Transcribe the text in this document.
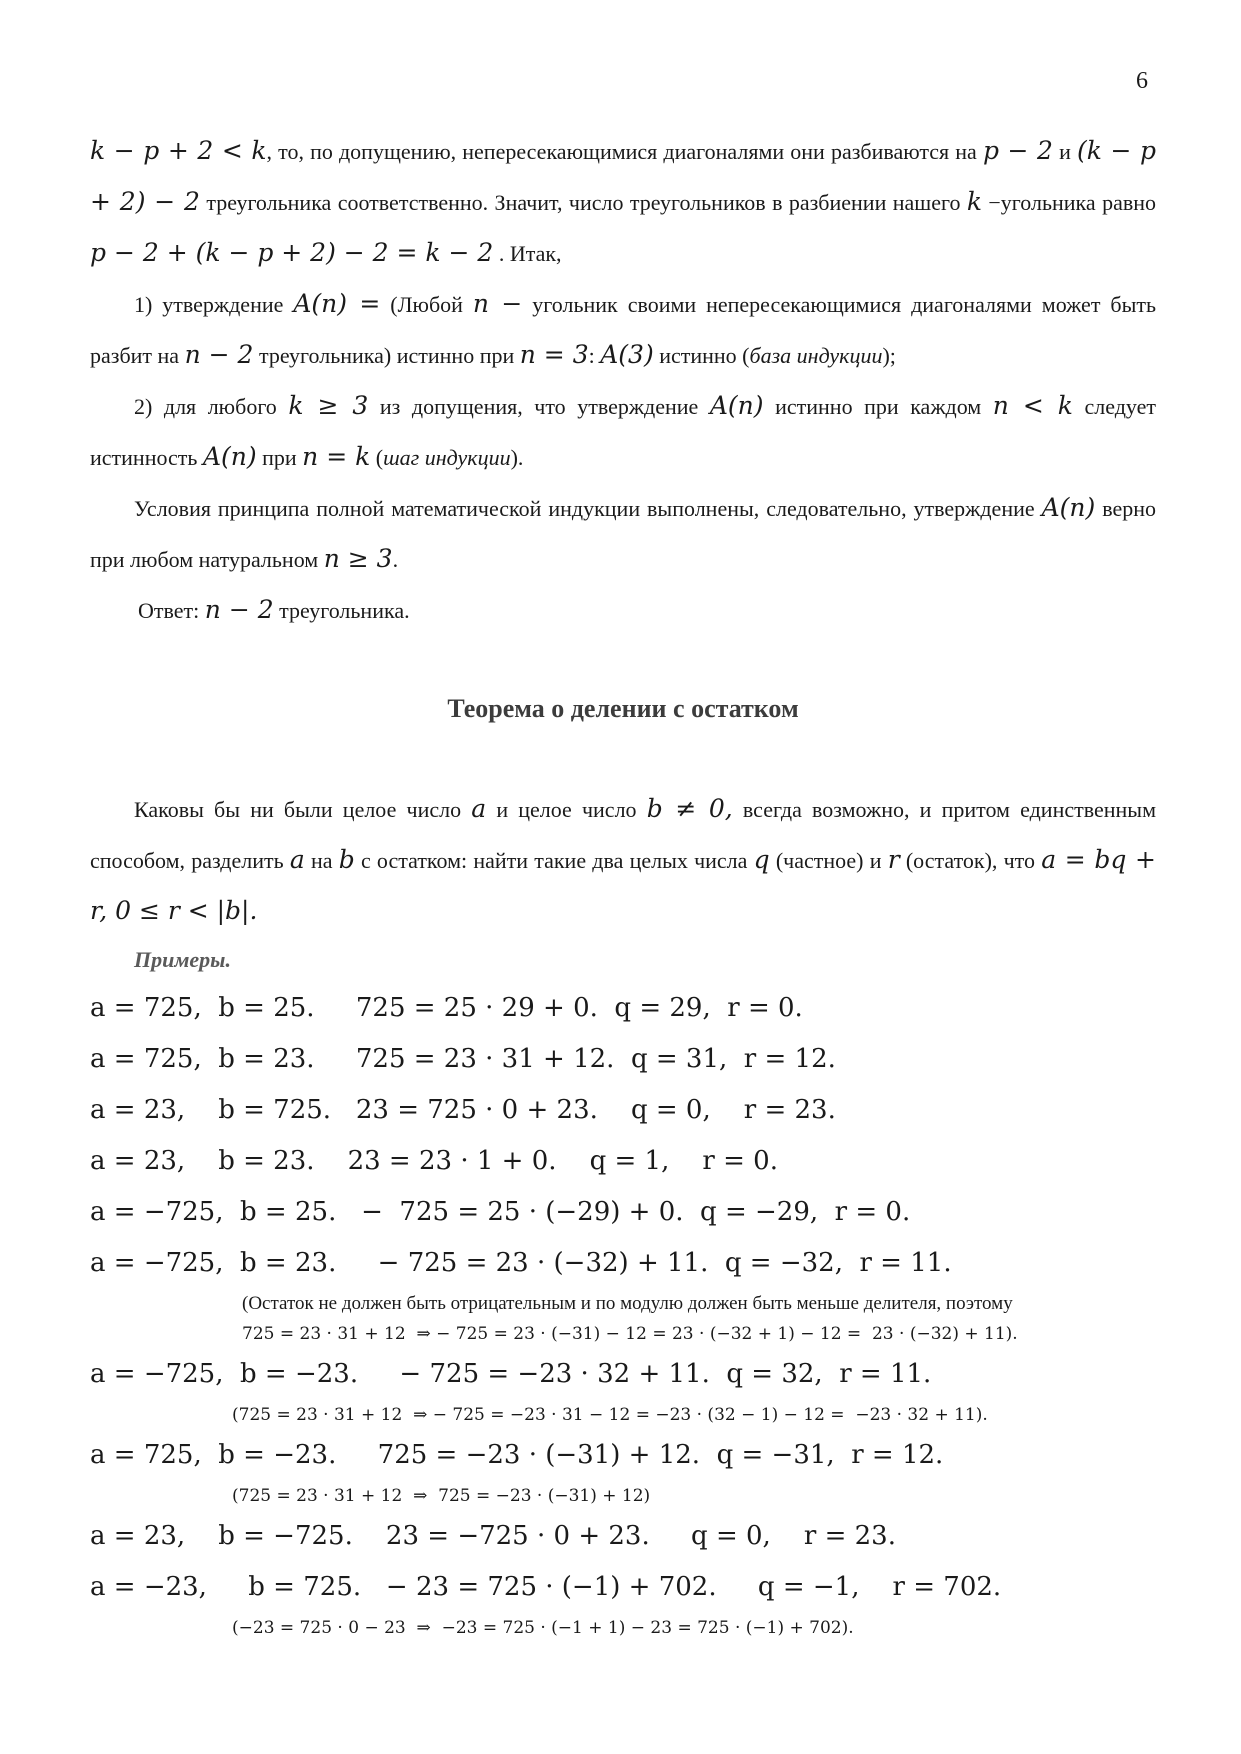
6

k − p + 2 < k, то, по допущению, непересекающимися диагоналями они разбиваются на p − 2 и (k − p + 2) − 2 треугольника соответственно. Значит, число треугольников в разбиении нашего k −угольника равно p − 2 + (k − p + 2) − 2 = k − 2 . Итак,

1) утверждение A(n) = (Любой n − угольник своими непересекающимися диагоналями может быть разбит на n − 2 треугольника) истинно при n = 3: A(3) истинно (база индукции);

2) для любого k ≥ 3 из допущения, что утверждение A(n) истинно при каждом n < k следует истинность A(n) при n = k (шаг индукции).

Условия принципа полной математической индукции выполнены, следовательно, утверждение A(n) верно при любом натуральном n ≥ 3.

Ответ: n − 2 треугольника.

Теорема о делении с остатком

Каковы бы ни были целое число a и целое число b ≠ 0, всегда возможно, и притом единственным способом, разделить a на b с остатком: найти такие два целых числа q (частное) и r (остаток), что a = bq + r, 0 ≤ r < |b|.

Примеры.

a = 725,  b = 25.     725 = 25 · 29 + 0.  q = 29,  r = 0.

a = 725,  b = 23.     725 = 23 · 31 + 12.  q = 31,  r = 12.

a = 23,    b = 725.   23 = 725 · 0 + 23.    q = 0,    r = 23.

a = 23,    b = 23.    23 = 23 · 1 + 0.    q = 1,    r = 0.

a = −725,  b = 25.   −  725 = 25 · (−29) + 0.  q = −29,  r = 0.

a = −725,  b = 23.     − 725 = 23 · (−32) + 11.  q = −32,  r = 11.

(Остаток не должен быть отрицательным и по модулю должен быть меньше делителя, поэтому
725 = 23 · 31 + 12  ⇒ − 725 = 23 · (−31) − 12 = 23 · (−32 + 1) − 12 =  23 · (−32) + 11).

a = −725,  b = −23.     − 725 = −23 · 32 + 11.  q = 32,  r = 11.

(725 = 23 · 31 + 12  ⇒ − 725 = −23 · 31 − 12 = −23 · (32 − 1) − 12 =  −23 · 32 + 11).

a = 725,  b = −23.     725 = −23 · (−31) + 12.  q = −31,  r = 12.

(725 = 23 · 31 + 12  ⇒  725 = −23 · (−31) + 12)

a = 23,    b = −725.    23 = −725 · 0 + 23.     q = 0,    r = 23.

a = −23,     b = 725.   − 23 = 725 · (−1) + 702.     q = −1,    r = 702.

(−23 = 725 · 0 − 23  ⇒  −23 = 725 · (−1 + 1) − 23 = 725 · (−1) + 702).
